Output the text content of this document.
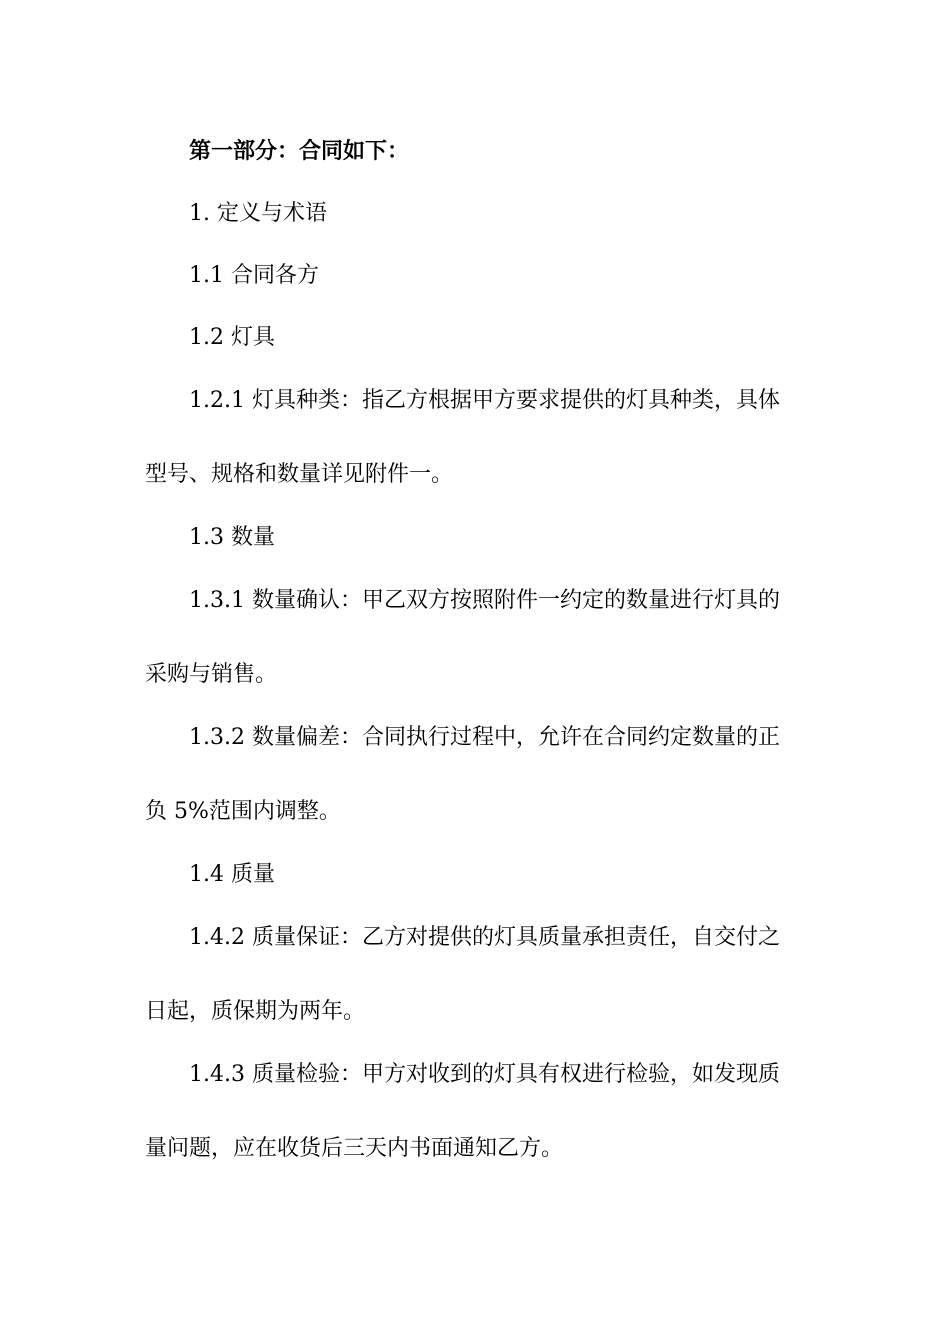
第一部分：合同如下：
1. 定义与术语
1.1 合同各方
1.2 灯具
1.2.1 灯具种类：指乙方根据甲方要求提供的灯具种类，具体
型号、规格和数量详见附件一。
1.3 数量
1.3.1 数量确认：甲乙双方按照附件一约定的数量进行灯具的
采购与销售。
1.3.2 数量偏差：合同执行过程中，允许在合同约定数量的正
负 5%范围内调整。
1.4 质量
1.4.2 质量保证：乙方对提供的灯具质量承担责任，自交付之
日起，质保期为两年。
1.4.3 质量检验：甲方对收到的灯具有权进行检验，如发现质
量问题，应在收货后三天内书面通知乙方。
